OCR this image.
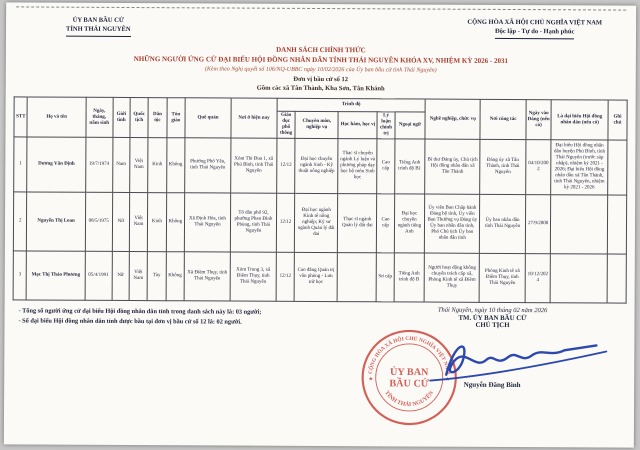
ỦY BAN BẦU CỬ
TỈNH THÁI NGUYÊN
CỘNG HÒA XÃ HỘI CHỦ NGHĨA VIỆT NAM
Độc lập - Tự do - Hạnh phúc
DANH SÁCH CHÍNH THỨC
NHỮNG NGƯỜI ỨNG CỬ ĐẠI BIỂU HỘI ĐỒNG NHÂN DÂN TỈNH THÁI NGUYÊN KHÓA XV, NHIỆM KỲ 2026 - 2031
(Kèm theo Nghị quyết số 106/NQ-UBBC ngày 10/02/2026 của Ủy ban bầu cử tỉnh Thái Nguyên)
Đơn vị bầu cử số 12
Gồm các xã Tân Thành, Kha Sơn, Tân Khánh
STT	Họ và tên	Ngày, tháng, năm sinh	Giới tính	Quốc tịch	Dân tộc	Tôn giáo	Quê quán	Nơi ở hiện nay	Trình độ					Nghề nghiệp, chức vụ	Nơi công tác	Ngày vào Đảng (nếu có)	Là đại biểu Hội đồng nhân dân (nếu có)	Ghi chú
									Giáo dục phổ thông	Chuyên môn, nghiệp vụ	Học hàm, học vị	Lý luận chính trị	Ngoại ngữ					
1	Dương Văn Định	19/7/1974	Nam	Việt Nam	Kinh	Không	Phường Phổ Yên, tỉnh Thái Nguyên	Xóm Thi Đua 1, xã Phú Bình, tỉnh Thái Nguyên	12/12	Đại học chuyên ngành Sinh - Kỹ thuật nông nghiệp	Thạc sĩ chuyên ngành Lý luận và phương pháp dạy học bộ môn Sinh học	Cao cấp	Tiếng Anh trình độ B1	Bí thư Đảng ủy, Chủ tịch Hội đồng nhân dân xã Tân Thành	Đảng ủy xã Tân Thành, tỉnh Thái Nguyên	04/10/2002	Đại biểu Hội đồng nhân dân huyện Phú Bình, tỉnh Thái Nguyên (trước sáp nhập), nhiệm kỳ 2021 - 2026; Đại biểu Hội đồng nhân dân xã Tân Thành, tỉnh Thái Nguyên, nhiệm kỳ 2021 - 2026	
2	Nguyễn Thị Loan	08/5/1975	Nữ	Việt Nam	Kinh	Không	Xã Định Hóa, tỉnh Thái Nguyên	Tổ dân phố 92, phường Phan Đình Phùng, tỉnh Thái Nguyên	12/12	Đại học ngành Kinh tế nông nghiệp; Kỹ sư ngành Quản lý đất đai	Thạc sĩ ngành Quản lý đất đai	Cao cấp	Đại học chuyên ngành tiếng Anh	Ủy viên Ban Chấp hành Đảng bộ tỉnh, Ủy viên Ban Thường vụ Đảng ủy Ủy ban nhân dân tỉnh, Phó Chủ tịch Ủy ban nhân dân tỉnh	Ủy ban nhân dân tỉnh Thái Nguyên	27/9/2000		
3	Mạc Thị Thảo Phương	05/4/1991	Nữ	Việt Nam	Tày	Không	Xã Điềm Thụy, tỉnh Thái Nguyên	Xóm Trung 3, xã Điềm Thụy, tỉnh Thái Nguyên	12/12	Cao đẳng Quản trị văn phòng - Lưu trữ học		Sơ cấp	Tiếng Anh trình độ B	Người hoạt động không chuyên trách cấp xã, Phòng Kinh tế xã Điềm Thụy	Phòng Kinh tế xã Điềm Thụy, tỉnh Thái Nguyên	10/12/2024		
- Tổng số người ứng cử đại biểu Hội đồng nhân dân tỉnh trong danh sách này là: 03 người;
- Số đại biểu Hội đồng nhân dân tỉnh được bầu tại đơn vị bầu cử số 12 là: 02 người.
Thái Nguyên, ngày 10 tháng 02 năm 2026
TM. ỦY BAN BẦU CỬ
CHỦ TỊCH
Nguyễn Đăng Bình
CỘNG HÒA XÃ HỘI CHỦ NGHĨA VIỆT NAM
TỈNH THÁI NGUYÊN
ỦY BAN
BẦU CỬ
★	★
